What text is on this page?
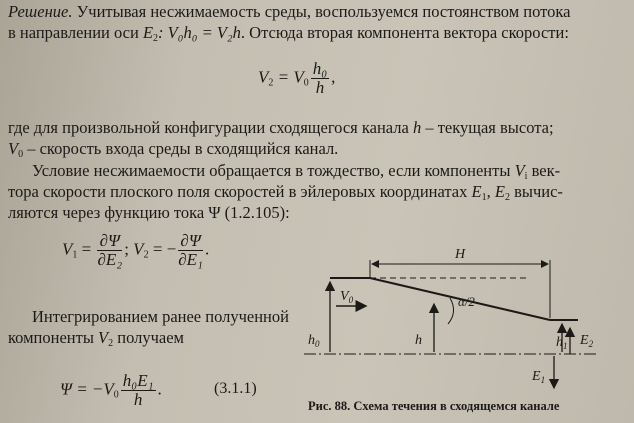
Решение. Учитывая несжимаемость среды, воспользуемся постоянством потока
в направлении оси $E_2$: V₀h₀ = V₂h. Отсюда вторая компонента вектора скорости:
$V_2 = V_0 \frac{\text{h₀}}{h}$ ,
где для произвольной конфигурации сходящегося канала h – текущая высота;
$V_0$ – скорость входа среды в сходящийся канал.
Условие несжимаемости обращается в тождество, если компоненты $V_i$ век-
тора скорости плоского поля скоростей в эйлеровых координатах $E_1$, $E_2$ вычис-
ляются через функцию тока Ψ (1.2.105):
$V_1 = \frac{\partial\Psi}{\text{∂E₂}}$ ; $V_2$ = − $\frac{\partial\Psi}{\text{∂E₁}}$ .
Интегрированием ранее полученной
компоненты $V_2$ получаем
$\Psi = -V_0 \frac{\text{h₀E₁}}{h}$ .	(3.1.1)
H
α/2
$V_0$
$h_0$	h	$h_1$ $E_2$
$E_1$
Рис. 88. Схема течения в сходящемся канале
